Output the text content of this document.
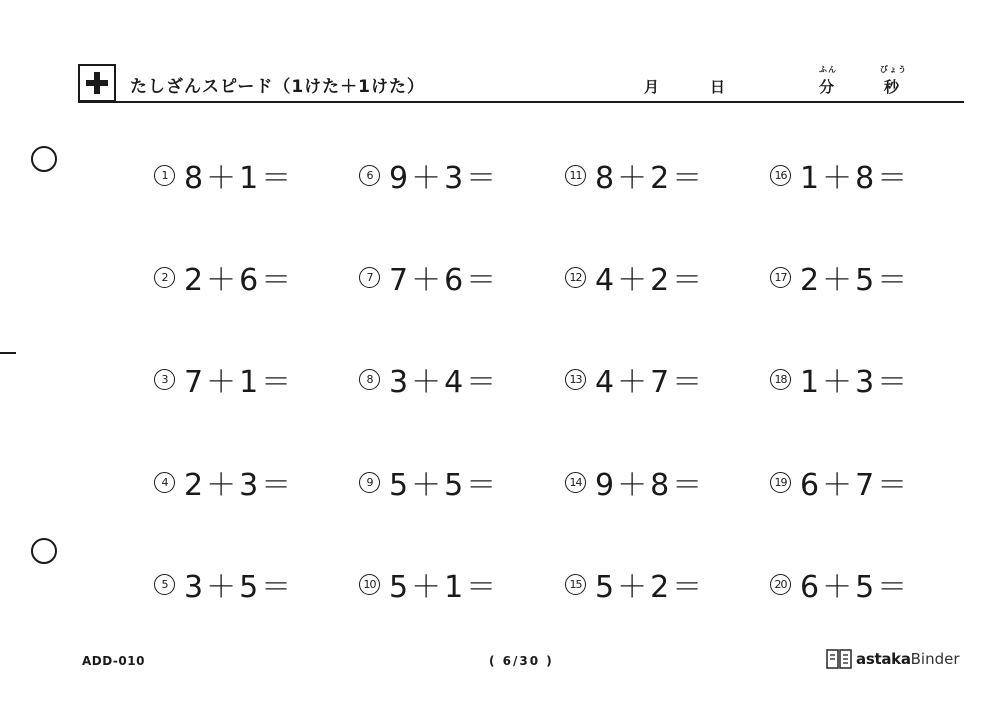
たしざんスピード（1けた＋1けた）	月	日
ふん
分
びょう
秒
1 8＋1＝
2 2＋6＝
3 7＋1＝
4 2＋3＝
5 3＋5＝
6 9＋3＝
7 7＋6＝
8 3＋4＝
9 5＋5＝
10 5＋1＝
11 8＋2＝
12 4＋2＝
13 4＋7＝
14 9＋8＝
15 5＋2＝
16 1＋8＝
17 2＋5＝
18 1＋3＝
19 6＋7＝
20 6＋5＝
ADD-010	( 6/30 )	astaka Binder
